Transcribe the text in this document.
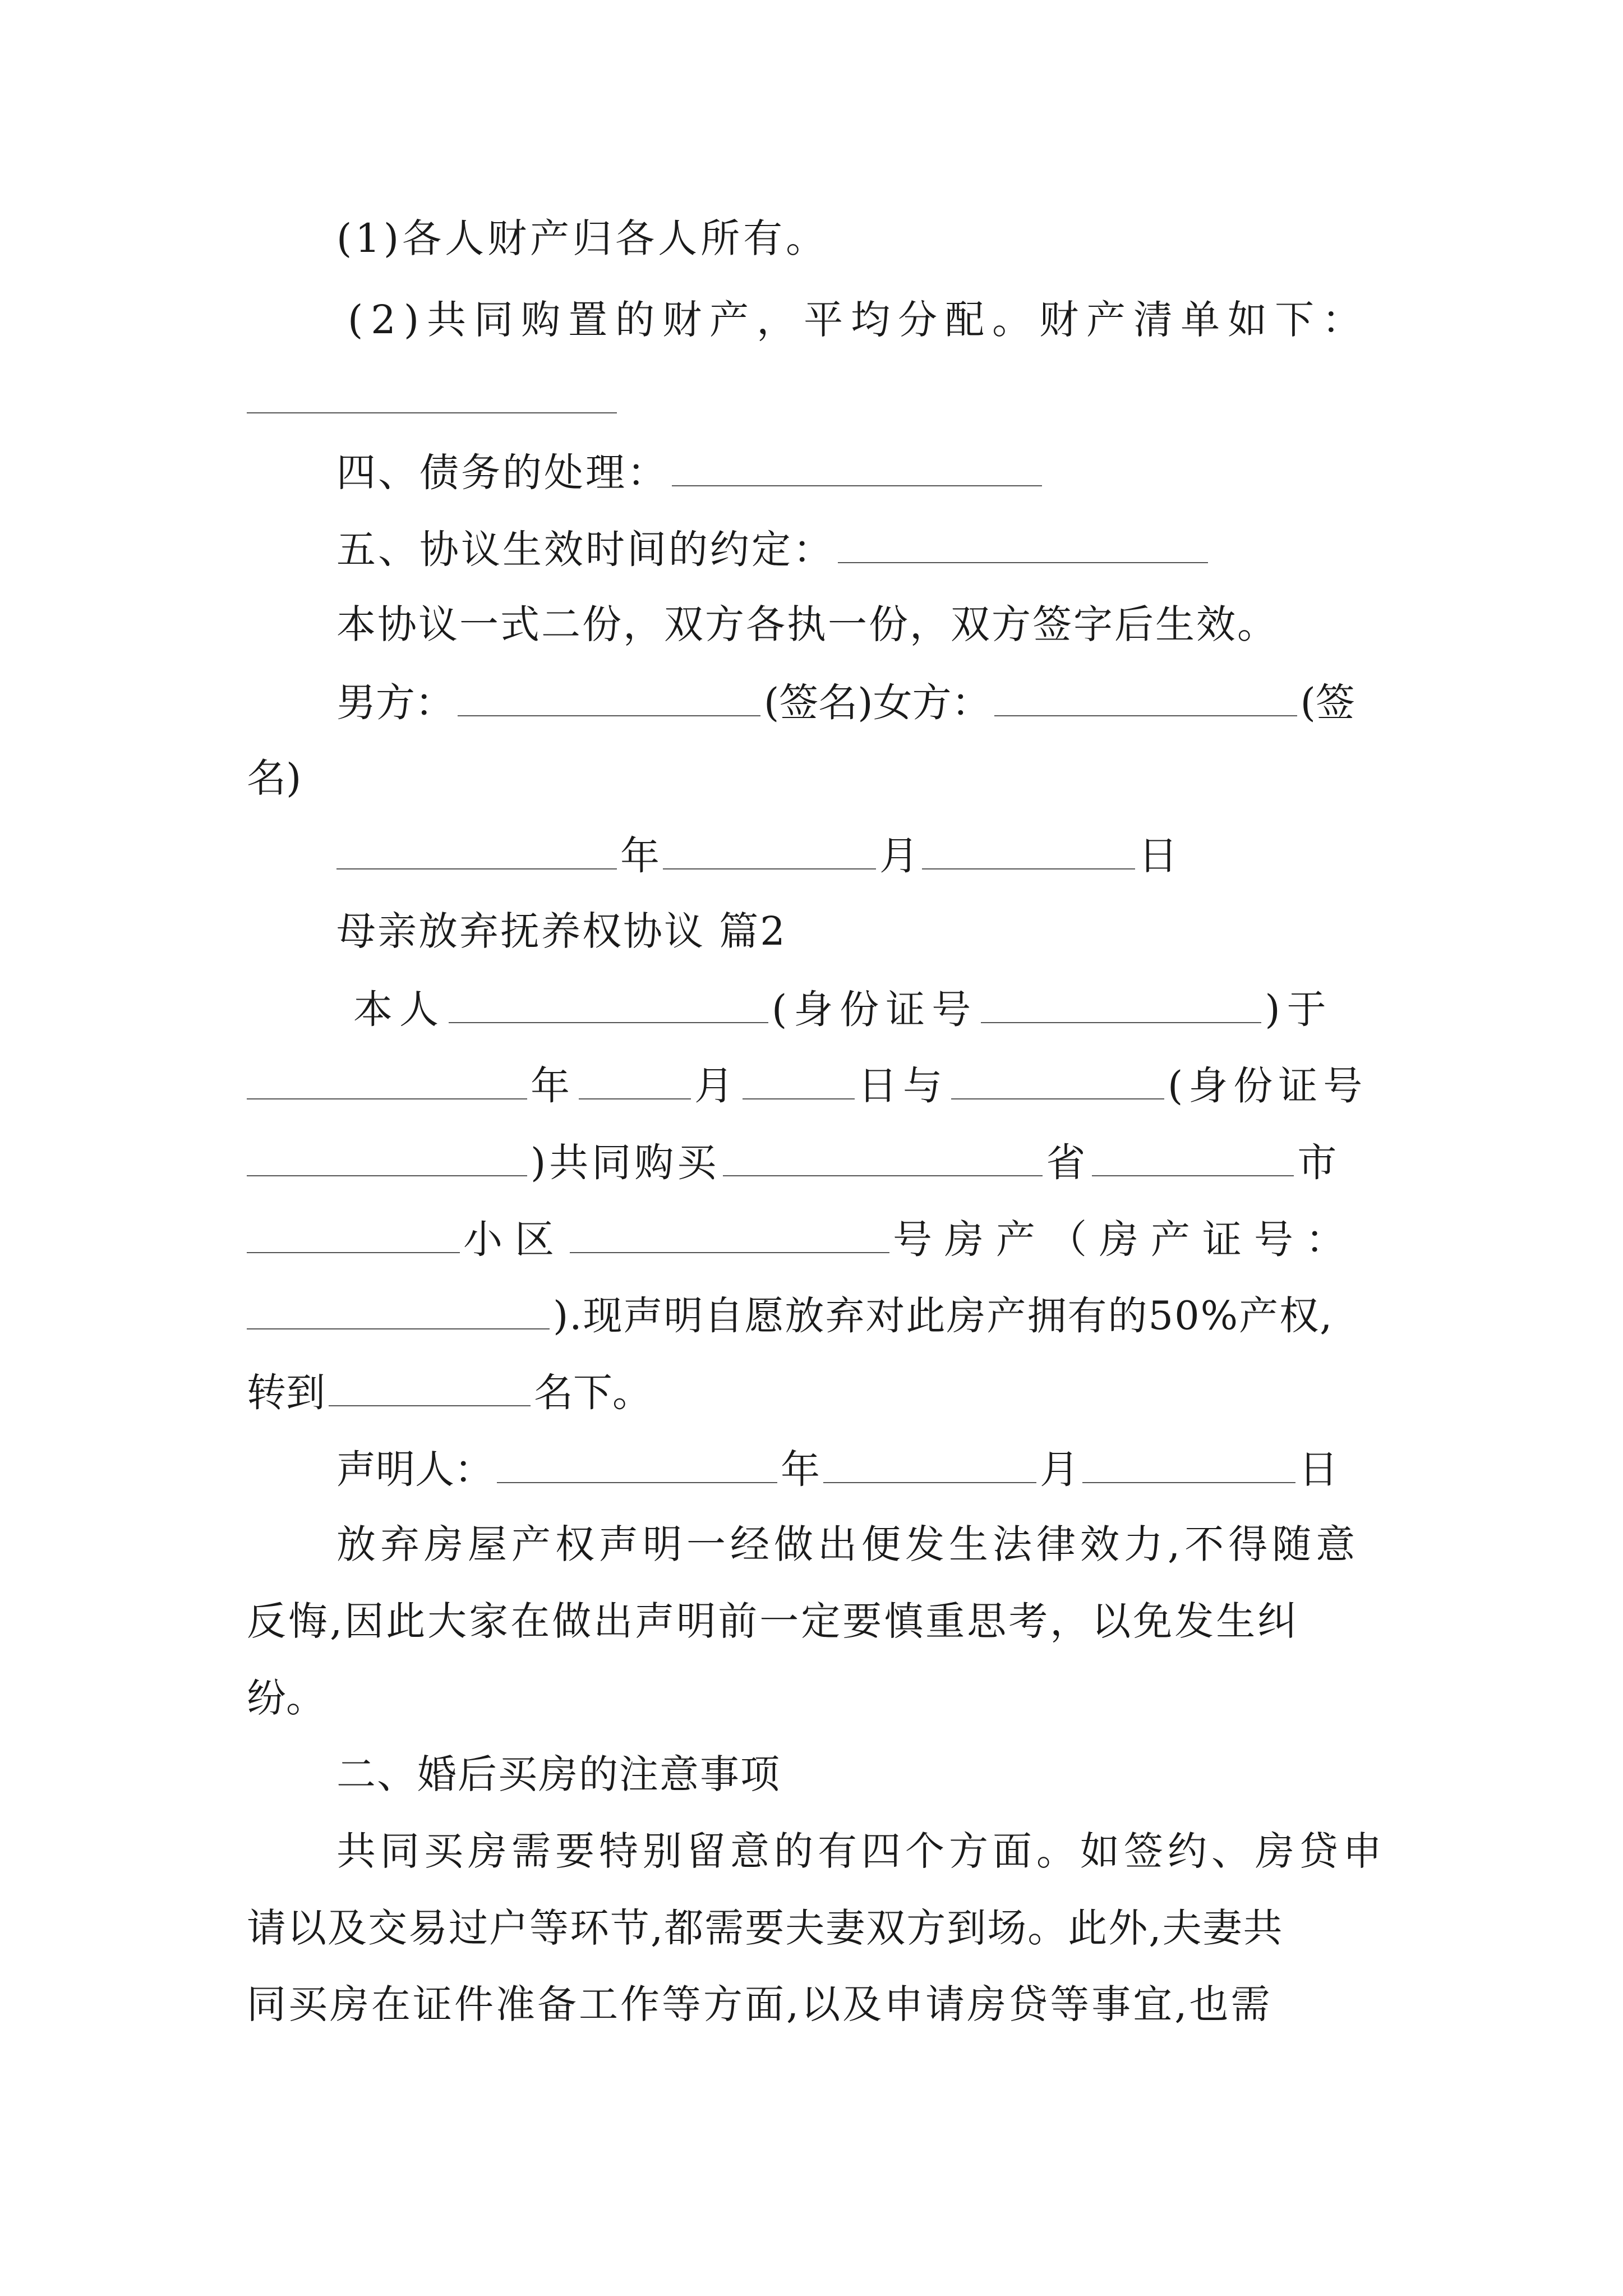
(1)各人财产归各人所有。
(2)共同购置的财产，平均分配。财产清单如下：
四、债务的处理：
五、协议生效时间的约定：
本协议一式二份，双方各执一份，双方签字后生效。
男方：	(签名)女方：	(签
名)
年	月	日
母亲放弃抚养权协议 篇2
本人	(身份证号	)于
年	月	日与	(身份证号
)共同购买	省	市
小区	号房产（房产证号：
).现声明自愿放弃对此房产拥有的50%产权,
转到	名下。
声明人：	年	月	日
放弃房屋产权声明一经做出便发生法律效力,不得随意
反悔,因此大家在做出声明前一定要慎重思考，以免发生纠
纷。
二、婚后买房的注意事项
共同买房需要特别留意的有四个方面。如签约、房贷申
请以及交易过户等环节,都需要夫妻双方到场。此外,夫妻共
同买房在证件准备工作等方面,以及申请房贷等事宜,也需
